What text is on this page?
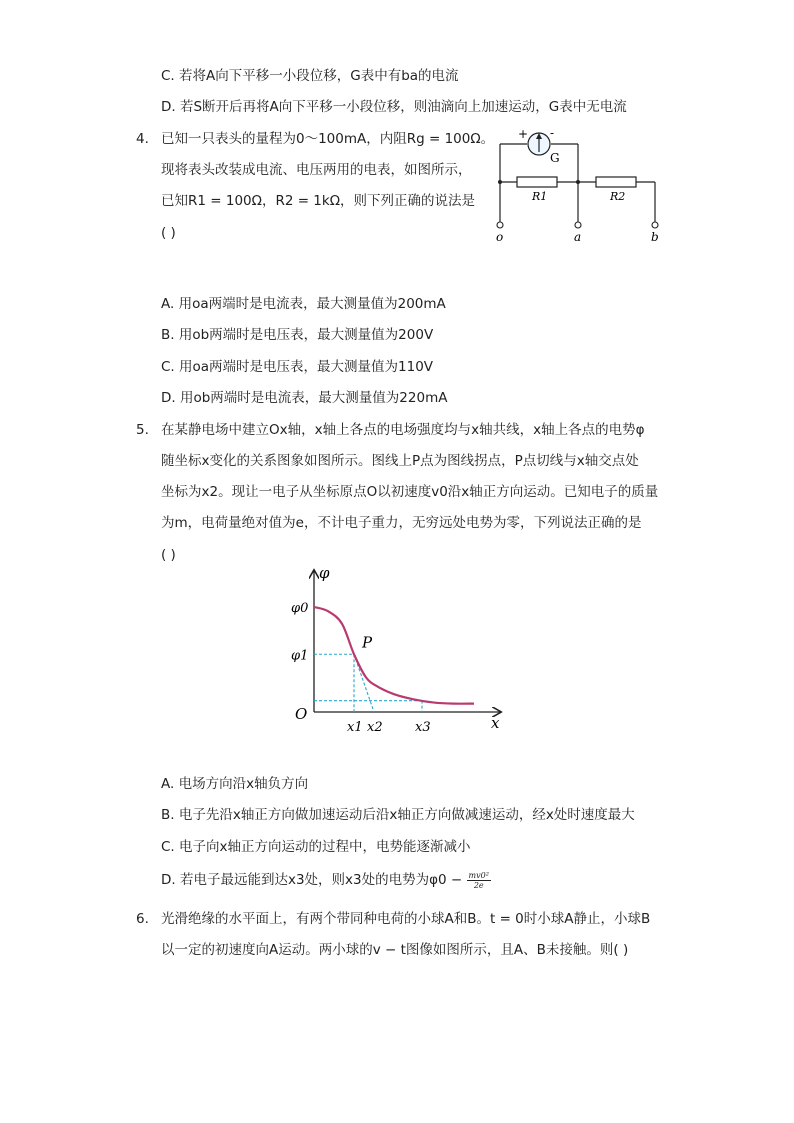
C. 若将A向下平移一小段位移，G表中有ba的电流
D. 若S断开后再将A向下平移一小段位移，则油滴向上加速运动，G表中无电流
4. 已知一只表头的量程为0～100mA，内阻Rg = 100Ω。
现将表头改装成电流、电压两用的电表，如图所示，
已知R1 = 100Ω，R2 = 1kΩ，则下列正确的说法是
( )
+ -
G
R1	R2
o	a	b
A. 用oa两端时是电流表，最大测量值为200mA
B. 用ob两端时是电压表，最大测量值为200V
C. 用oa两端时是电压表，最大测量值为110V
D. 用ob两端时是电流表，最大测量值为220mA
5. 在某静电场中建立Ox轴，x轴上各点的电场强度均与x轴共线，x轴上各点的电势φ
随坐标x变化的关系图象如图所示。图线上P点为图线拐点，P点切线与x轴交点处
坐标为x2。现让一电子从坐标原点O以初速度v0沿x轴正方向运动。已知电子的质量
为m，电荷量绝对值为e，不计电子重力，无穷远处电势为零，下列说法正确的是
( )
φ
x
O
P
φ0
φ1
x1 x2 x3
A. 电场方向沿x轴负方向
B. 电子先沿x轴正方向做加速运动后沿x轴正方向做减速运动，经x处时速度最大
C. 电子向x轴正方向运动的过程中，电势能逐渐减小
D. 若电子最远能到达x3处，则x3处的电势为$\varphi 0 - \frac{\text{mv0²}}{2e}$
6. 光滑绝缘的水平面上，有两个带同种电荷的小球A和B。t = 0时小球A静止，小球B
以一定的初速度向A运动。两小球的v − t图像如图所示，且A、B未接触。则( )
